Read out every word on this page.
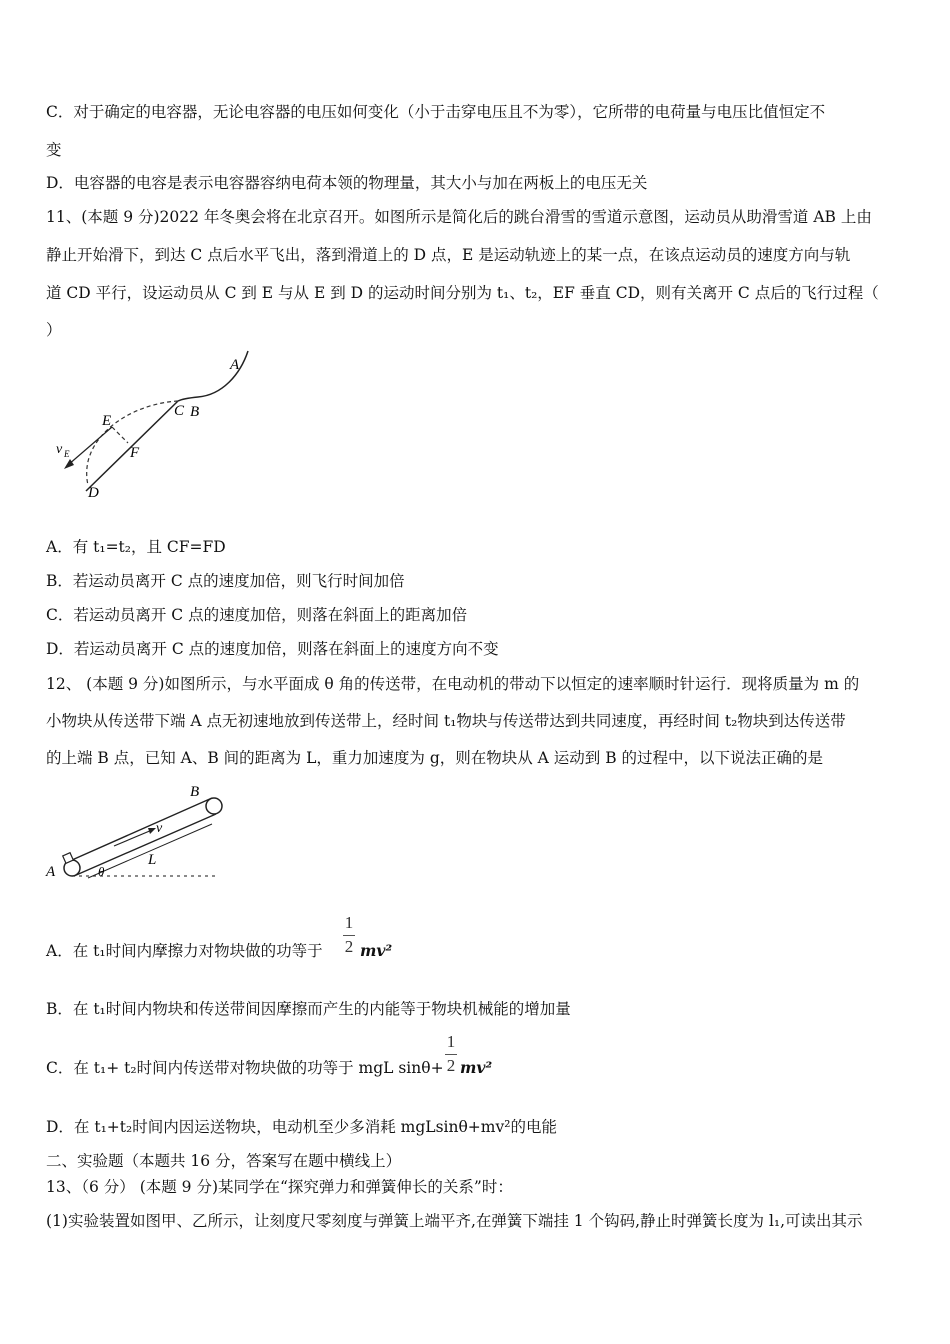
C．对于确定的电容器，无论电容器的电压如何变化（小于击穿电压且不为零），它所带的电荷量与电压比值恒定不
变
D．电容器的电容是表示电容器容纳电荷本领的物理量，其大小与加在两板上的电压无关
11、(本题 9 分)2022 年冬奥会将在北京召开。如图所示是简化后的跳台滑雪的雪道示意图，运动员从助滑雪道 AB 上由
静止开始滑下，到达 C 点后水平飞出，落到滑道上的 D 点，E 是运动轨迹上的某一点，在该点运动员的速度方向与轨
道 CD 平行，设运动员从 C 到 E 与从 E 到 D 的运动时间分别为 t₁、t₂，EF 垂直 CD，则有关离开 C 点后的飞行过程（
）
A
C B
E
F
D
v E
A．有 t₁=t₂，且 CF=FD
B．若运动员离开 C 点的速度加倍，则飞行时间加倍
C．若运动员离开 C 点的速度加倍，则落在斜面上的距离加倍
D．若运动员离开 C 点的速度加倍，则落在斜面上的速度方向不变
12、 (本题 9 分)如图所示，与水平面成 θ 角的传送带，在电动机的带动下以恒定的速率顺时针运行．现将质量为 m 的
小物块从传送带下端 A 点无初速地放到传送带上，经时间 t₁物块与传送带达到共同速度，再经时间 t₂物块到达传送带
的上端 B 点，已知 A、B 间的距离为 L，重力加速度为 g，则在物块从 A 运动到 B 的过程中，以下说法正确的是
A
B
v
L
θ
A．在 t₁时间内摩擦力对物块做的功等于
1
2 mv²
B．在 t₁时间内物块和传送带间因摩擦而产生的内能等于物块机械能的增加量
C．在 t₁+ t₂时间内传送带对物块做的功等于 mgL sinθ+
1
2 mv²
D．在 t₁+t₂时间内因运送物块，电动机至少多消耗 mgLsinθ+mv²的电能
二、实验题（本题共 16 分，答案写在题中横线上）
13、（6 分） (本题 9 分)某同学在“探究弹力和弹簧伸长的关系”时：
(1)实验装置如图甲、乙所示，让刻度尺零刻度与弹簧上端平齐,在弹簧下端挂 1 个钩码,静止时弹簧长度为 l₁,可读出其示
